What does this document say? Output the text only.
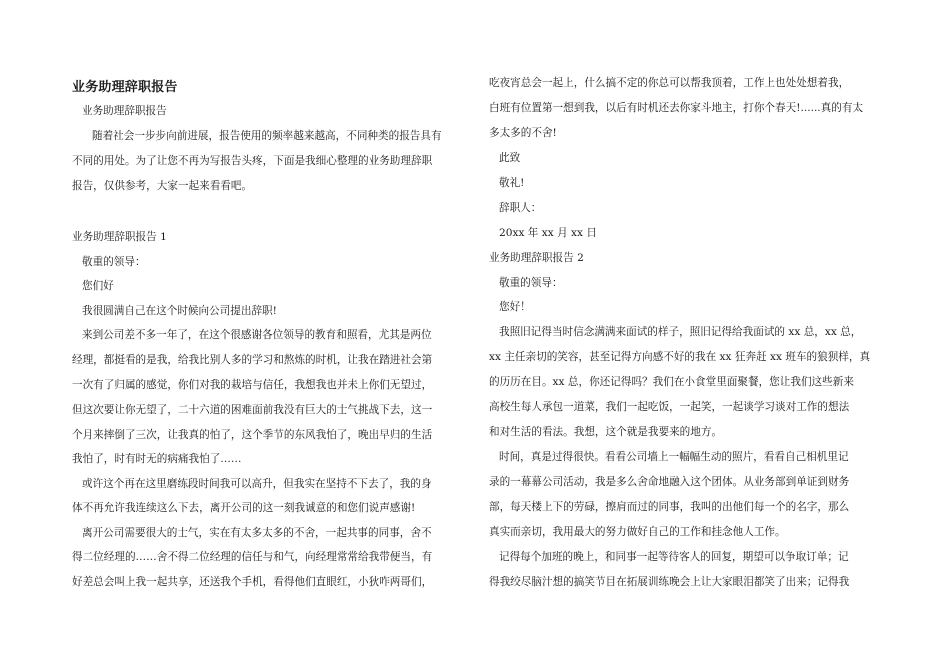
业务助理辞职报告
业务助理辞职报告
随着社会一步步向前进展，报告使用的频率越来越高，不同种类的报告具有
不同的用处。为了让您不再为写报告头疼，下面是我细心整理的业务助理辞职
报告，仅供参考，大家一起来看看吧。
业务助理辞职报告 1
敬重的领导：
您们好
我很圆满自己在这个时候向公司提出辞职!
来到公司差不多一年了，在这个很感谢各位领导的教育和照看，尤其是两位
经理，都挺看的是我，给我比别人多的学习和熬炼的时机，让我在踏进社会第
一次有了归属的感觉，你们对我的栽培与信任，我想我也并未上你们无望过，
但这次要让你无望了，二十六道的困难面前我没有巨大的士气挑战下去，这一
个月来摔倒了三次，让我真的怕了，这个季节的东风我怕了，晚出早归的生活
我怕了，时有时无的病痛我怕了……
或许这个再在这里磨练段时间我可以高升，但我实在坚持不下去了，我的身
体不再允许我连续这么下去，离开公司的这一刻我诚意的和您们说声感谢!
离开公司需要很大的士气，实在有太多太多的不舍，一起共事的同事，舍不
得二位经理的……舍不得二位经理的信任与和气，向经理常常给我带便当，有
好差总会叫上我一起共享，还送我个手机，看得他们直眼红，小狄咋两哥们，
吃夜宵总会一起上，什么搞不定的你总可以帮我顶着，工作上也处处想着我，
白班有位置第一想到我，以后有时机还去你家斗地主，打你个春天!......真的有太
多太多的不舍!
此致
敬礼!
辞职人：
20xx 年 xx 月 xx 日
业务助理辞职报告 2
敬重的领导：
您好！
我照旧记得当时信念满满来面试的样子，照旧记得给我面试的 xx 总，xx 总，
xx 主任亲切的笑容，甚至记得方向感不好的我在 xx 狂奔赶 xx 班车的狼狈样，真
的历历在目。xx 总，你还记得吗？我们在小食堂里面聚餐，您让我们这些新来
高校生每人承包一道菜，我们一起吃饭，一起笑，一起谈学习谈对工作的想法
和对生活的看法。我想，这个就是我要来的地方。
时间，真是过得很快。看看公司墙上一幅幅生动的照片，看看自己相机里记
录的一幕幕公司活动，我是多么舍命地融入这个团体。从业务部到单证到财务
部，每天楼上下的劳碌，擦肩而过的同事，我叫的出他们每一个的名字，那么
真实而亲切，我用最大的努力做好自己的工作和挂念他人工作。
记得每个加班的晚上，和同事一起等待客人的回复，期望可以争取订单；记
得我绞尽脑汁想的搞笑节目在拓展训练晚会上让大家眼泪都笑了出来；记得我
